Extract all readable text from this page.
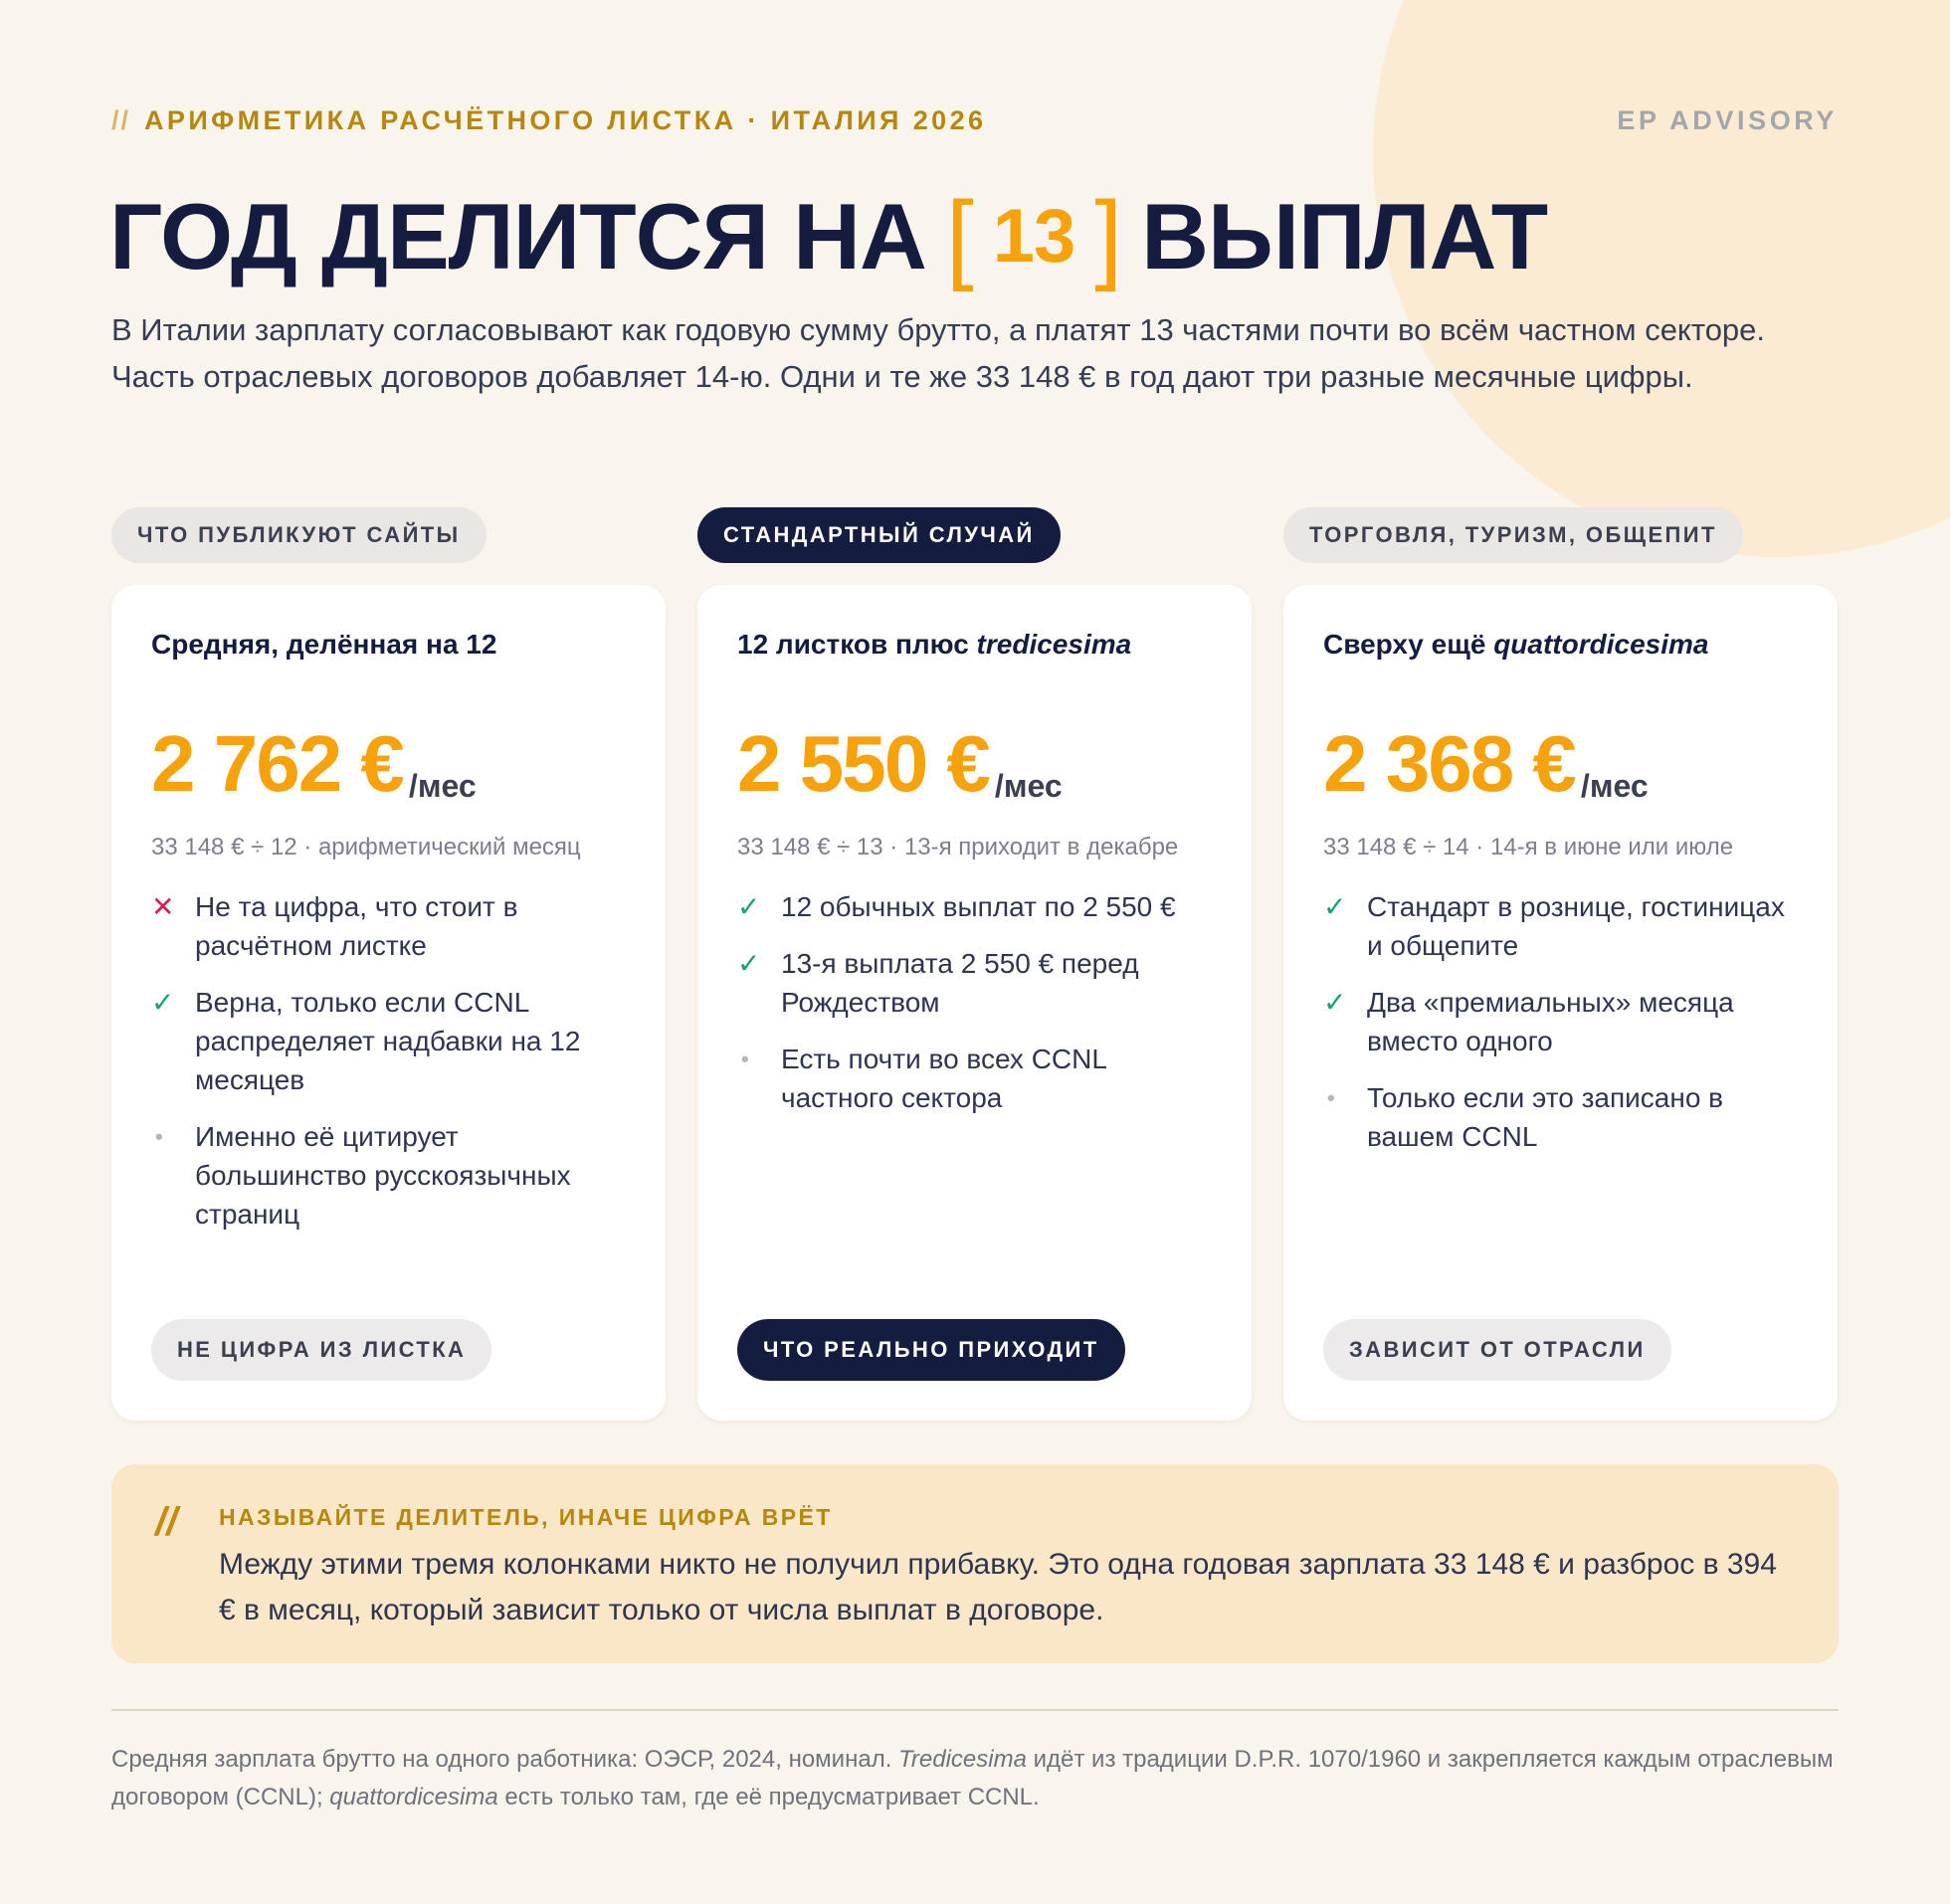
// АРИФМЕТИКА РАСЧЁТНОГО ЛИСТКА · ИТАЛИЯ 2026	EP ADVISORY
ГОД ДЕЛИТСЯ НА [ 13 ] ВЫПЛАТ
В Италии зарплату согласовывают как годовую сумму брутто, а платят 13 частями почти во всём частном секторе. Часть отраслевых договоров добавляет 14-ю. Одни и те же 33 148 € в год дают три разные месячные цифры.
ЧТО ПУБЛИКУЮТ САЙТЫ	СТАНДАРТНЫЙ СЛУЧАЙ	ТОРГОВЛЯ, ТУРИЗМ, ОБЩЕПИТ
Средняя, делённая на 12
2 762 € /мес
33 148 € ÷ 12 · арифметический месяц
✕ Не та цифра, что стоит в расчётном листке
✓ Верна, только если CCNL распределяет надбавки на 12 месяцев
•	Именно её цитирует большинство русскоязычных страниц
НЕ ЦИФРА ИЗ ЛИСТКА
12 листков плюс tredicesima
2 550 € /мес
33 148 € ÷ 13 · 13-я приходит в декабре
✓ 12 обычных выплат по 2 550 €
✓ 13-я выплата 2 550 € перед Рождеством
•	Есть почти во всех CCNL частного сектора
ЧТО РЕАЛЬНО ПРИХОДИТ
Сверху ещё quattordicesima
2 368 € /мес
33 148 € ÷ 14 · 14-я в июне или июле
✓ Стандарт в рознице, гостиницах и общепите
✓ Два «премиальных» месяца вместо одного
•	Только если это записано в вашем CCNL
ЗАВИСИТ ОТ ОТРАСЛИ
// НАЗЫВАЙТЕ ДЕЛИТЕЛЬ, ИНАЧЕ ЦИФРА ВРЁТ
Между этими тремя колонками никто не получил прибавку. Это одна годовая зарплата 33 148 € и разброс в 394 € в месяц, который зависит только от числа выплат в договоре.
Средняя зарплата брутто на одного работника: ОЭСР, 2024, номинал. Tredicesima идёт из традиции D.P.R. 1070/1960 и закрепляется каждым отраслевым договором (CCNL); quattordicesima есть только там, где её предусматривает CCNL.
